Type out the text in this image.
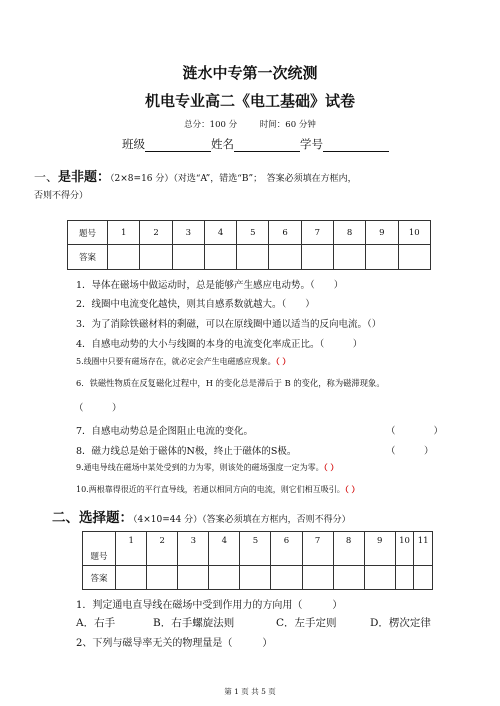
涟水中专第一次统测
机电专业高二《电工基础》试卷
总分：100 分	时间：60 分钟
班级	姓名	学号
一、是非题：（2×8=16 分）（对选“A”，错选“B”；　答案必须填在方框内，
否则不得分）
题号	1	2	3	4	5	6	7	8	9	10
答案										
1．导体在磁场中做运动时，总是能够产生感应电动势。（　　）
2．线圈中电流变化越快，则其自感系数就越大。（　　）
3．为了消除铁磁材料的剩磁，可以在原线圈中通以适当的反向电流。（）
4．自感电动势的大小与线圈的本身的电流变化率成正比。（　　　）
5.线圈中只要有磁场存在，就必定会产生电磁感应现象。（ ）
6．铁磁性物质在反复磁化过程中，H 的变化总是滞后于 B 的变化，称为磁滞现象。
（　　　）
7．自感电动势总是企图阻止电流的变化。	（　　　　）
8．磁力线总是始于磁体的N极，终止于磁体的S极。	（　　　）
9.通电导线在磁场中某处受到的力为零，则该处的磁场强度一定为零。（ ）
10.两根靠得很近的平行直导线，若通以相同方向的电流，则它们相互吸引。（ ）
二、选择题：（4×10=44 分）（答案必须填在方框内，否则不得分）
题号	1	2	3	4	5	6	7	8	9	10	11
答案											
1．判定通电直导线在磁场中受到作用力的方向用（　　　）
A．右手	B．右手螺旋法则	C．左手定则	D．楞次定律
2、下列与磁导率无关的物理量是（　　　）
第 1 页 共 5 页
